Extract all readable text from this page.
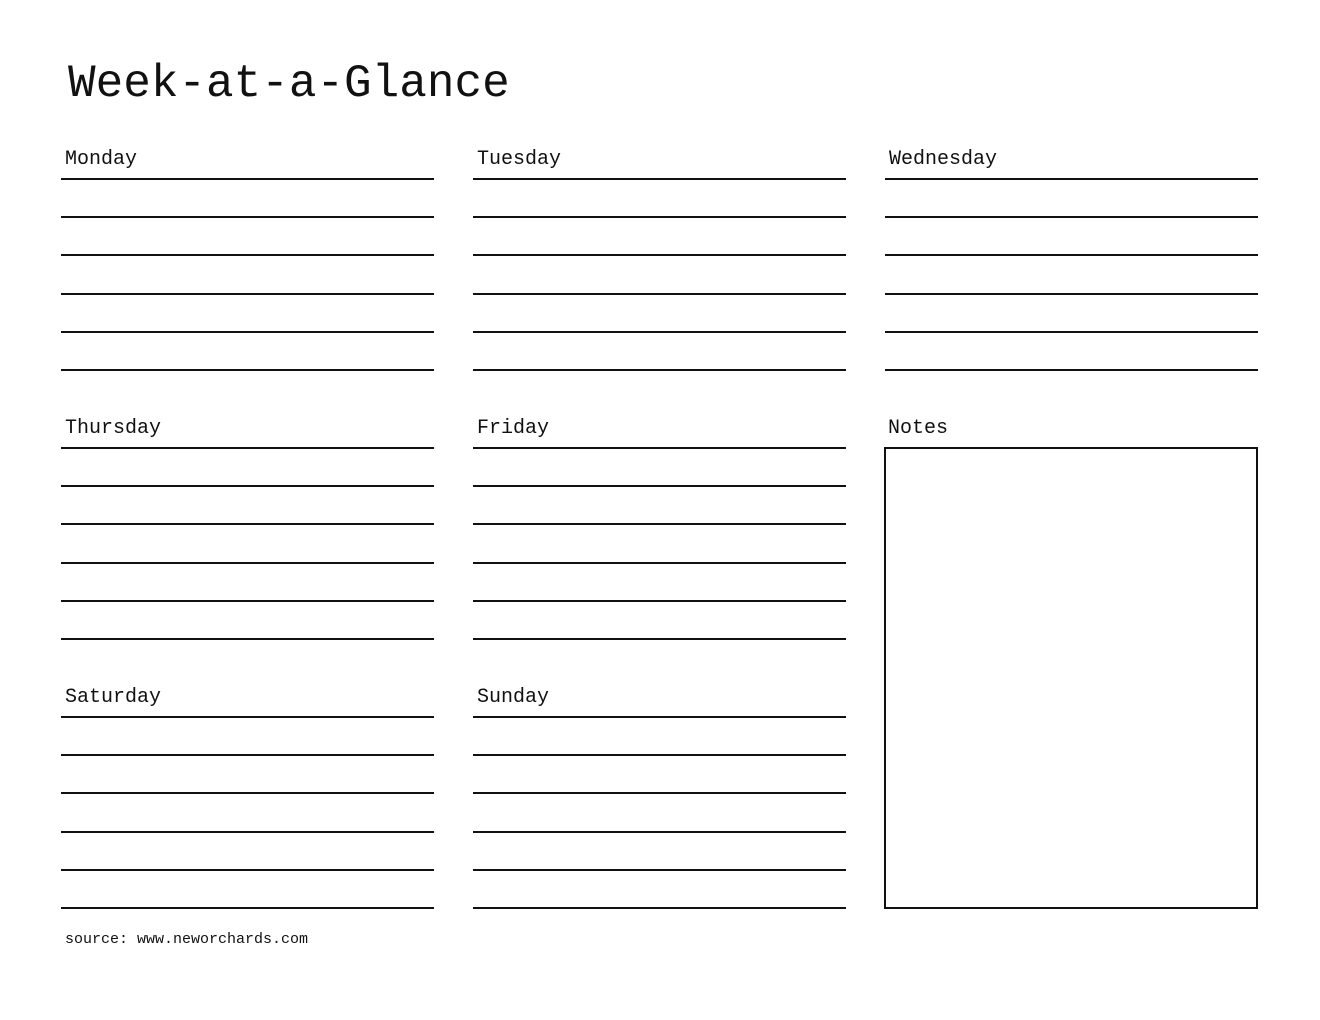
Week-at-a-Glance
Monday	Tuesday	Wednesday
Thursday	Friday	Notes
Saturday	Sunday
source: www.neworchards.com
